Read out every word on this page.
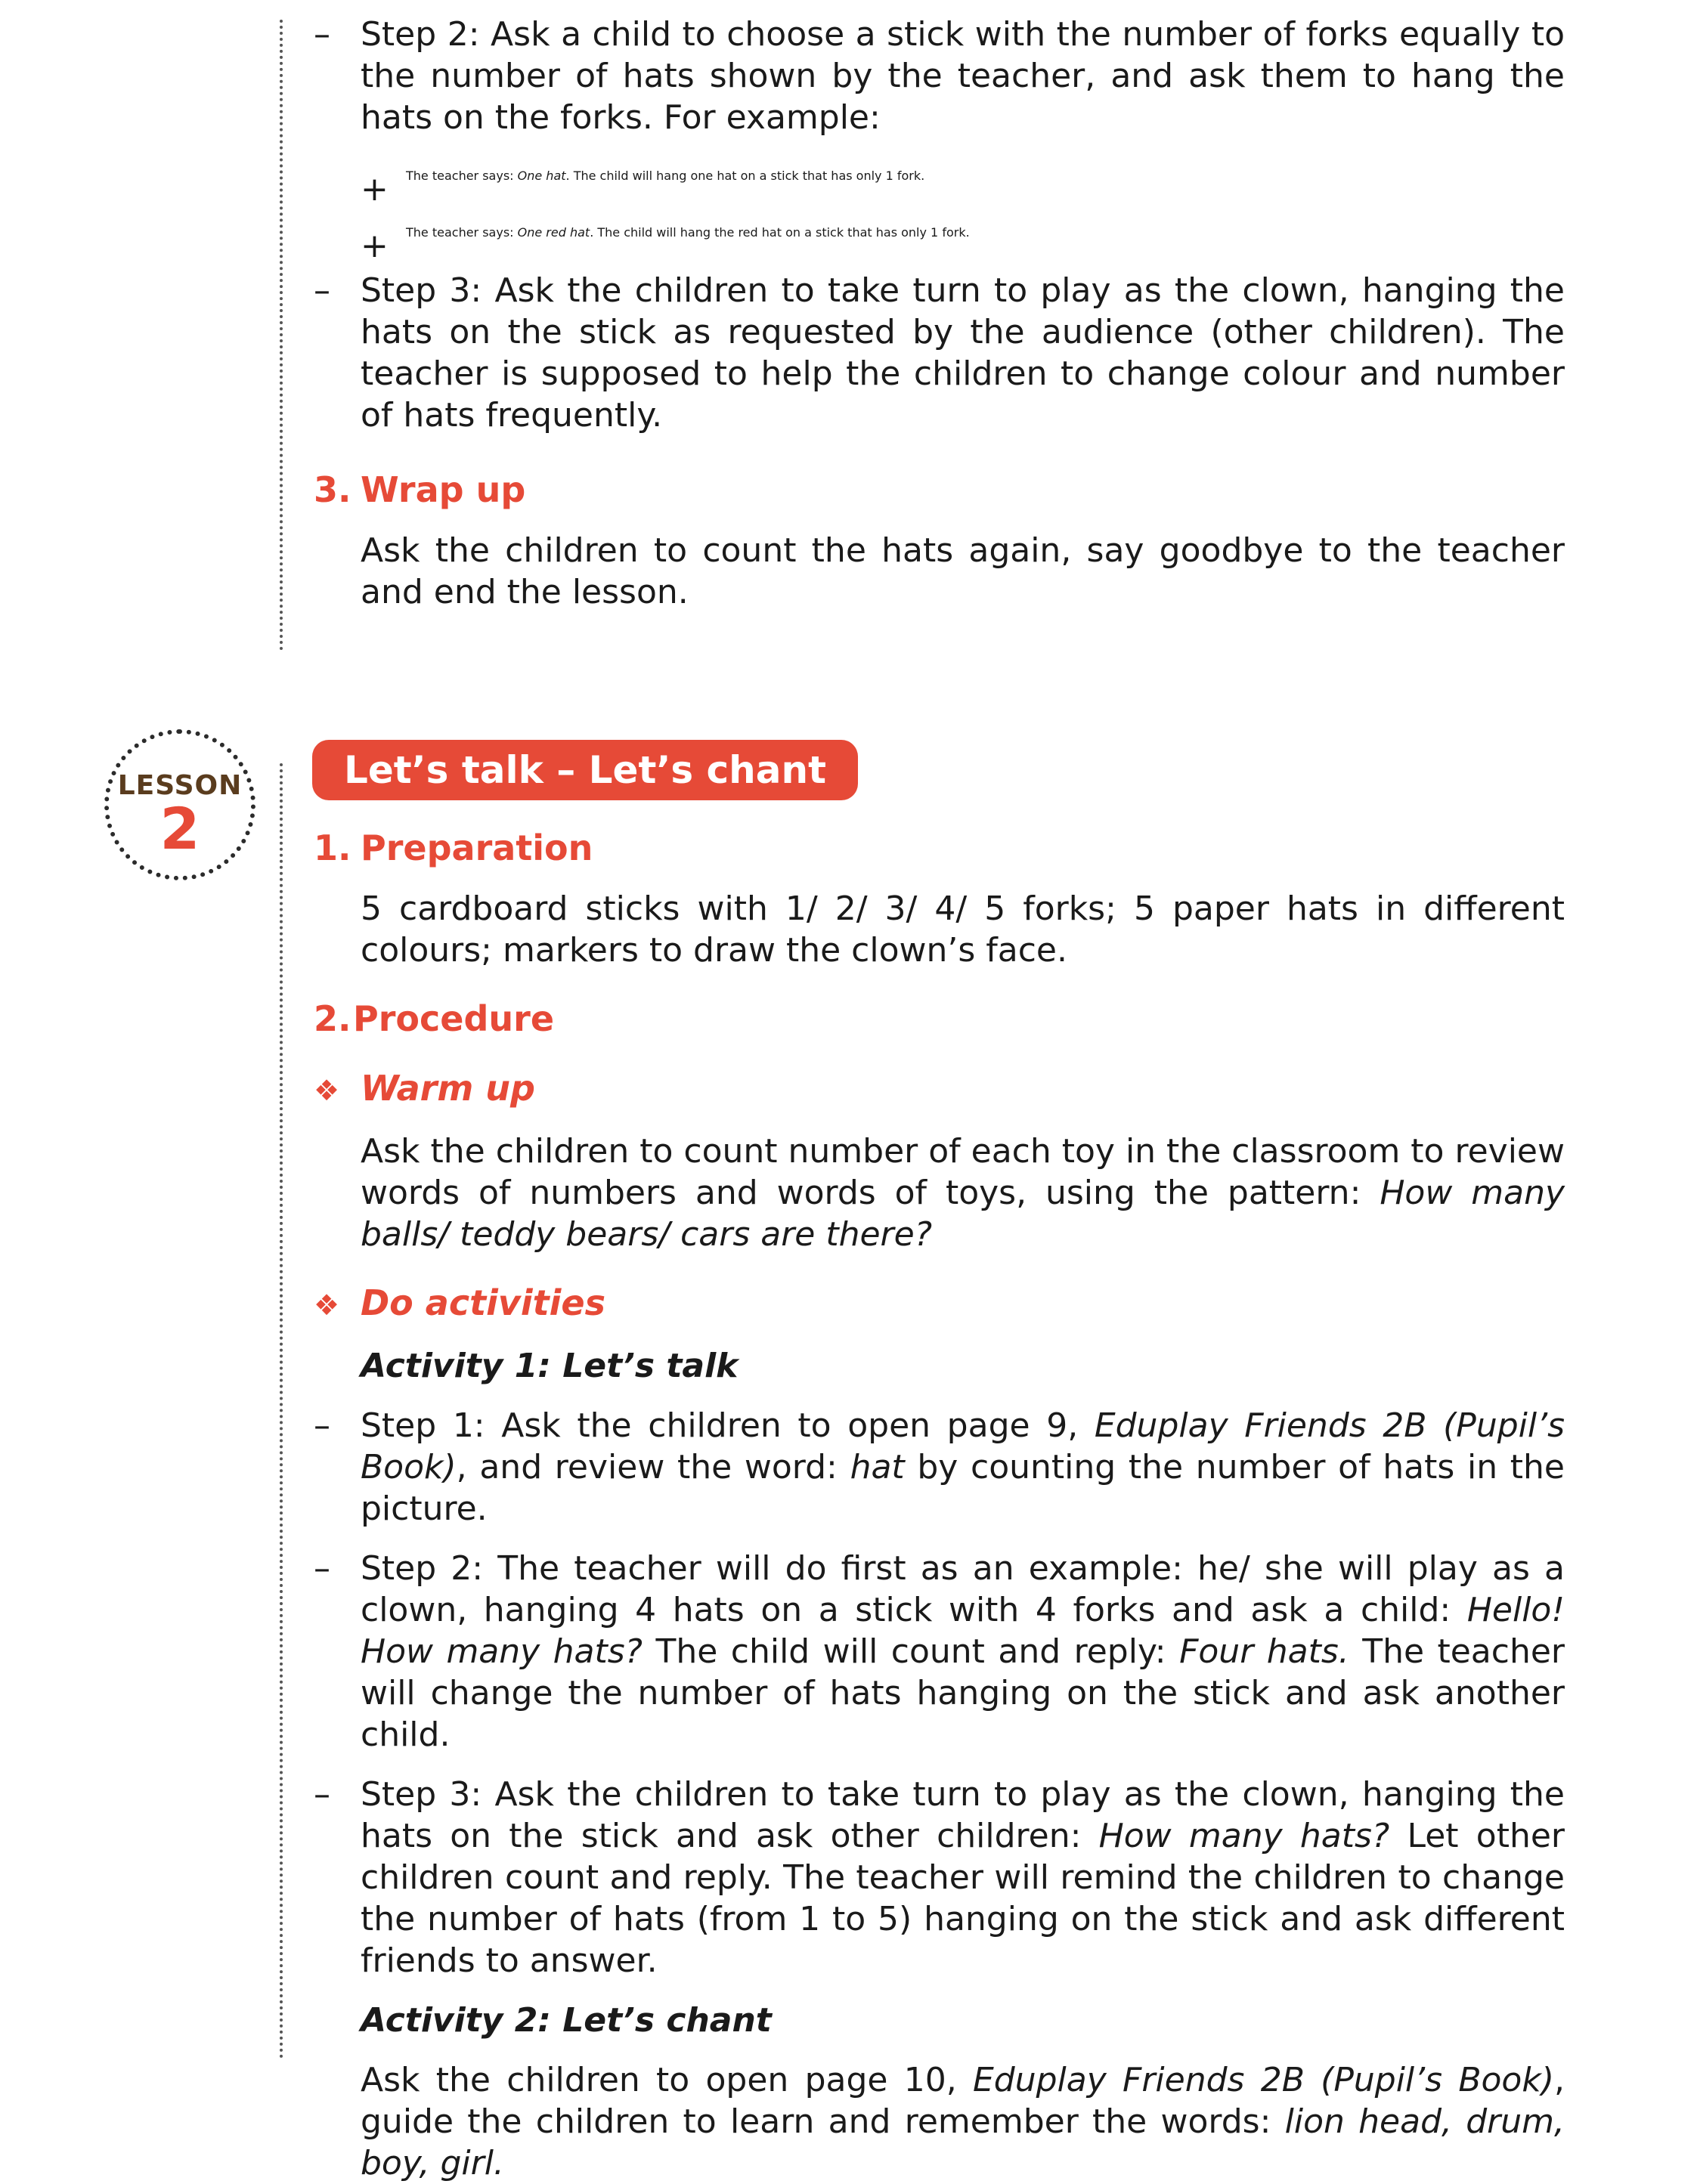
LESSON
2
– Step 2: Ask a child to choose a stick with the number of forks equally to the number of hats shown by the teacher, and ask them to hang the hats on the forks. For example:

+ The teacher says: One hat. The child will hang one hat on a stick that has only 1 fork.

+ The teacher says: One red hat. The child will hang the red hat on a stick that has only 1 fork.

– Step 3: Ask the children to take turn to play as the clown, hanging the hats on the stick as requested by the audience (other children). The teacher is supposed to help the children to change colour and number of hats frequently.

3. Wrap up

Ask the children to count the hats again, say goodbye to the teacher and end the lesson.

Let’s talk – Let’s chant

1. Preparation

5 cardboard sticks with 1/ 2/ 3/ 4/ 5 forks; 5 paper hats in different colours; markers to draw the clown’s face.

2.Procedure

❖ Warm up

Ask the children to count number of each toy in the classroom to review words of numbers and words of toys, using the pattern: How many balls/ teddy bears/ cars are there?

❖ Do activities

Activity 1: Let’s talk

– Step 1: Ask the children to open page 9, Eduplay Friends 2B (Pupil’s Book), and review the word: hat by counting the number of hats in the picture.

– Step 2: The teacher will do first as an example: he/ she will play as a clown, hanging 4 hats on a stick with 4 forks and ask a child: Hello! How many hats? The child will count and reply: Four hats. The teacher will change the number of hats hanging on the stick and ask another child.

– Step 3: Ask the children to take turn to play as the clown, hanging the hats on the stick and ask other children: How many hats? Let other children count and reply. The teacher will remind the children to change the number of hats (from 1 to 5) hanging on the stick and ask different friends to answer.

Activity 2: Let’s chant

Ask the children to open page 10, Eduplay Friends 2B (Pupil’s Book), guide the children to learn and remember the words: lion head, drum, boy, girl.
